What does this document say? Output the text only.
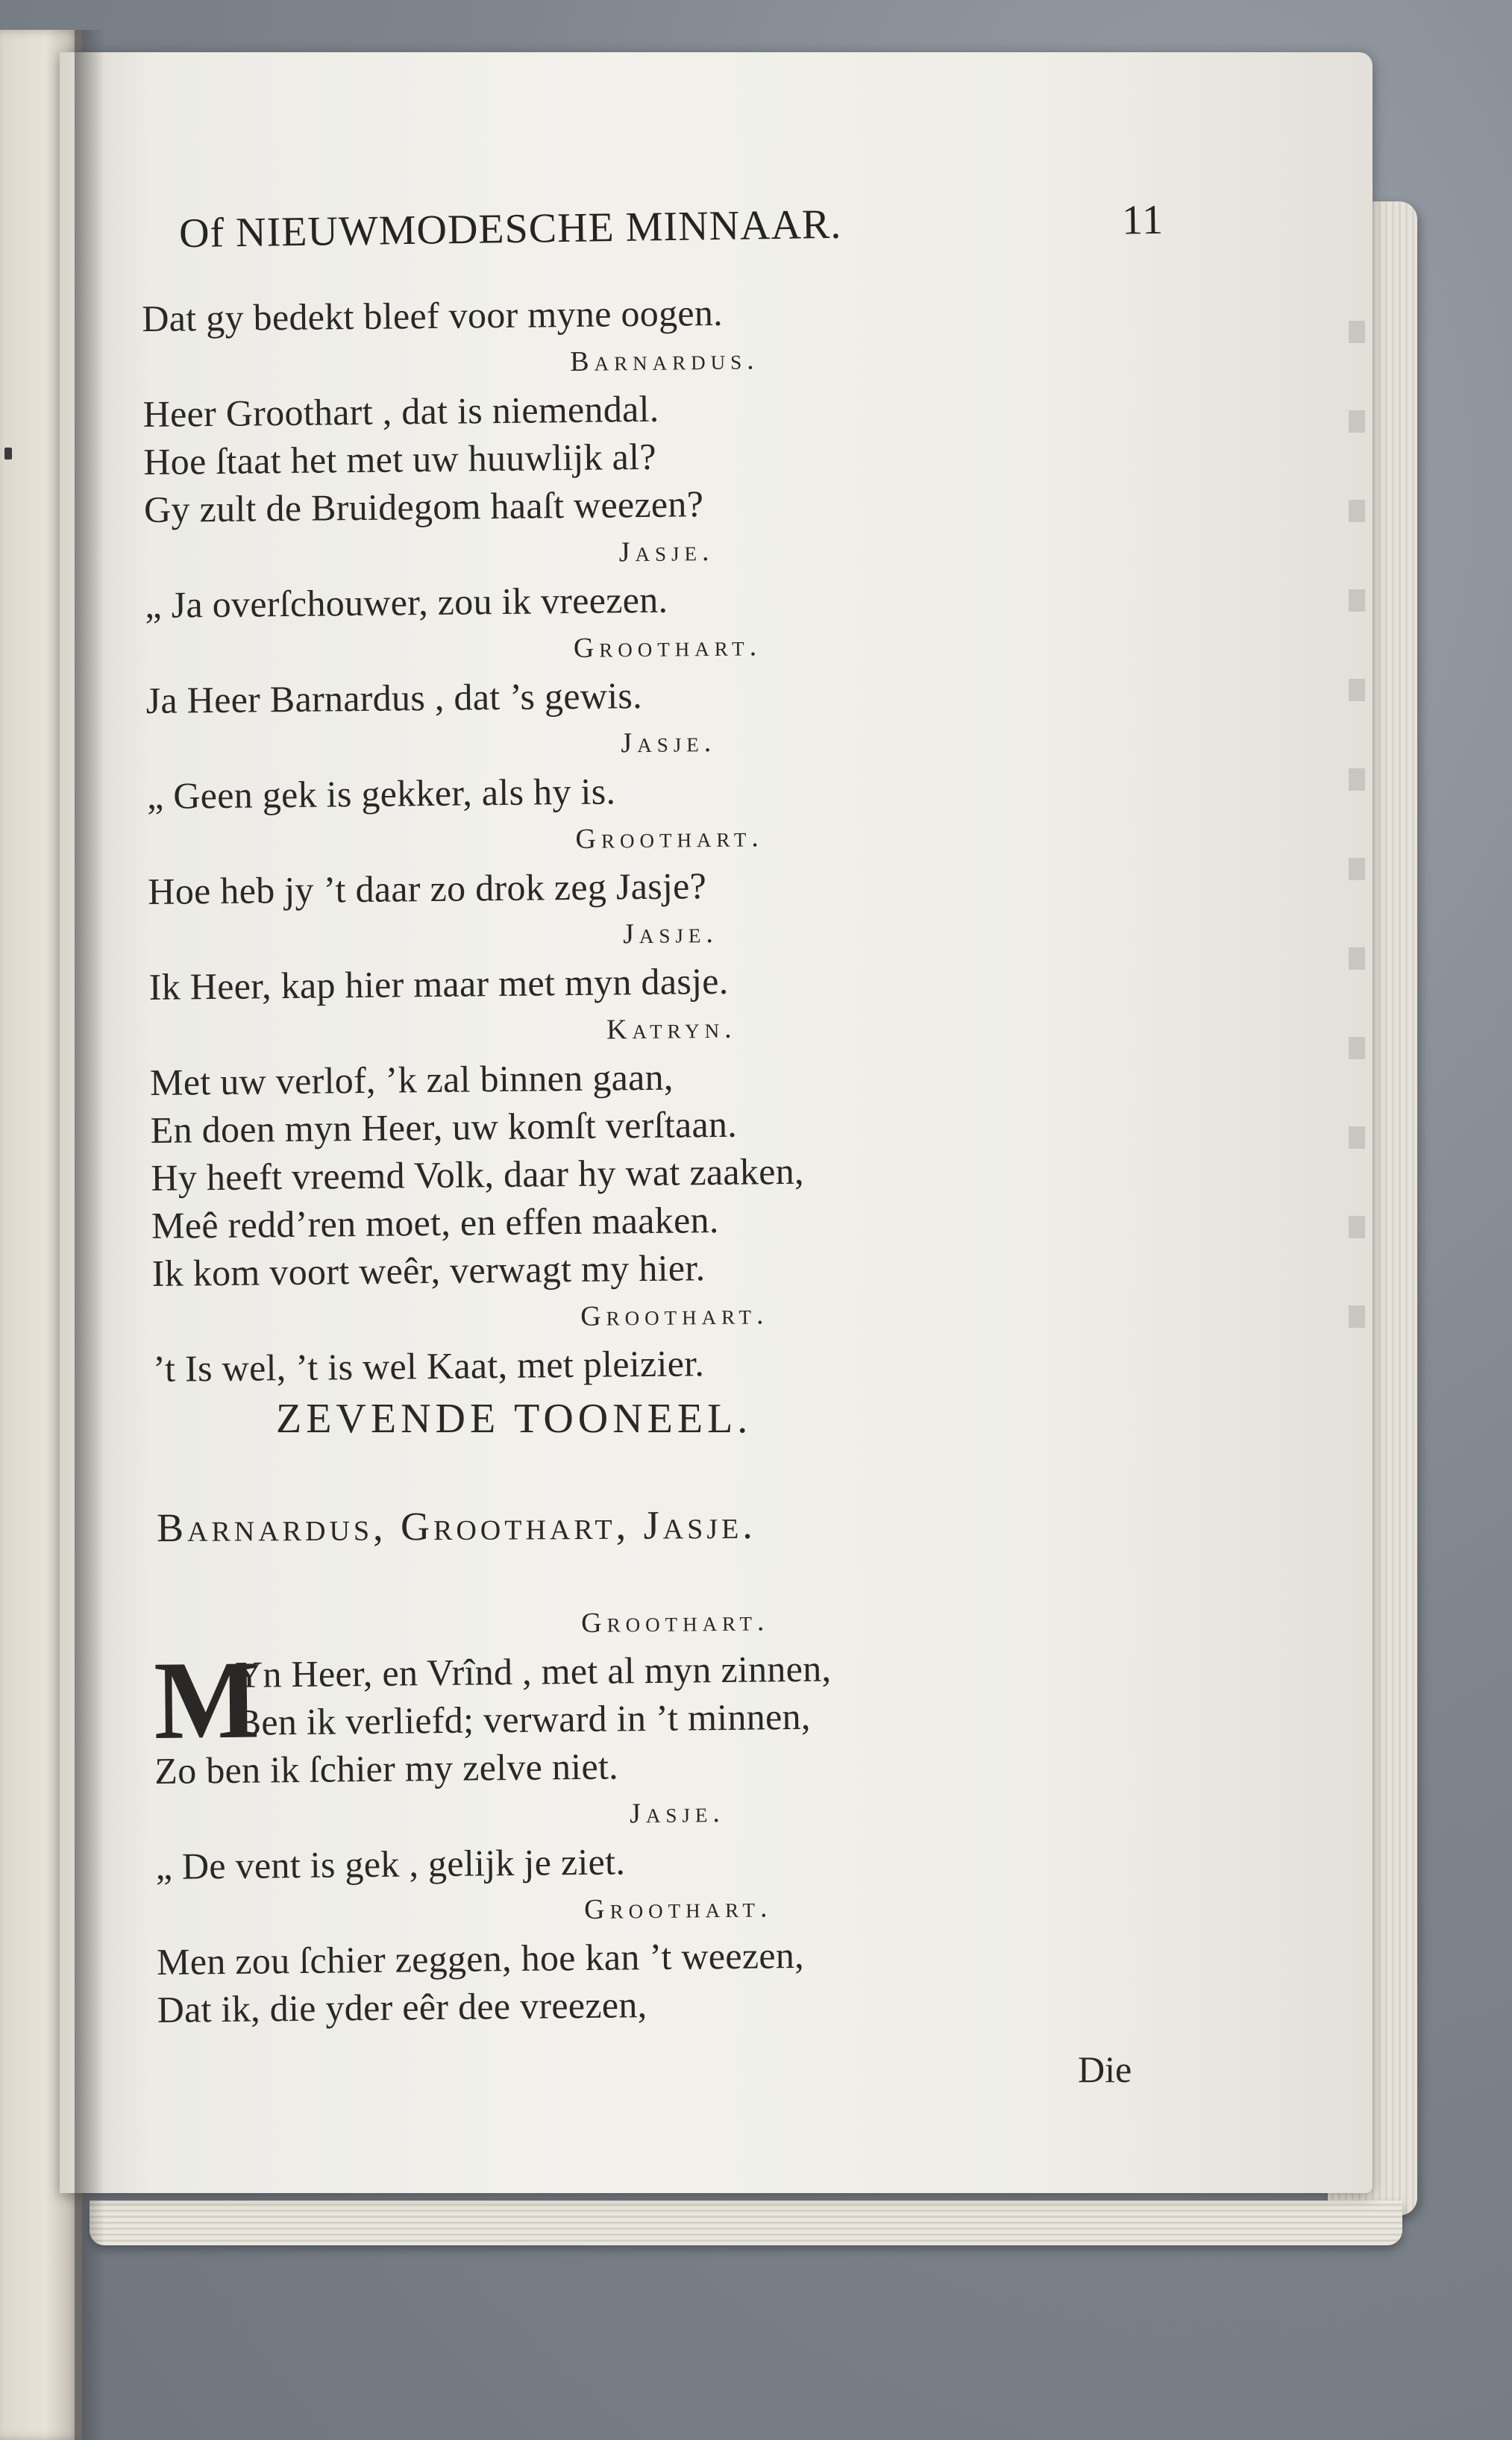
Of NIEUWMODESCHE MINNAAR.	11
Dat gy bedekt bleef voor myne oogen.
Barnardus.
Heer Groothart , dat is niemendal.
Hoe ſtaat het met uw huuwlijk al?
Gy zult de Bruidegom haaſt weezen?
Jasje.
„ Ja overſchouwer, zou ik vreezen.
Groothart.
Ja Heer Barnardus , dat ’s gewis.
Jasje.
„ Geen gek is gekker, als hy is.
Groothart.
Hoe heb jy ’t daar zo drok zeg Jasje?
Jasje.
Ik Heer, kap hier maar met myn dasje.
Katryn.
Met uw verlof, ’k zal binnen gaan,
En doen myn Heer, uw komſt verſtaan.
Hy heeft vreemd Volk, daar hy wat zaaken,
Meê redd’ren moet, en effen maaken.
Ik kom voort weêr, verwagt my hier.
Groothart.
’t Is wel, ’t is wel Kaat, met pleizier.
ZEVENDE TOONEEL.
Barnardus, Groothart, Jasje.
Groothart.
M
Yn Heer, en Vrînd , met al myn zinnen,
Ben ik verliefd; verward in ’t minnen,
Zo ben ik ſchier my zelve niet.
Jasje.
„ De vent is gek , gelijk je ziet.
Groothart.
Men zou ſchier zeggen, hoe kan ’t weezen,
Dat ik, die yder eêr dee vreezen,
Die
